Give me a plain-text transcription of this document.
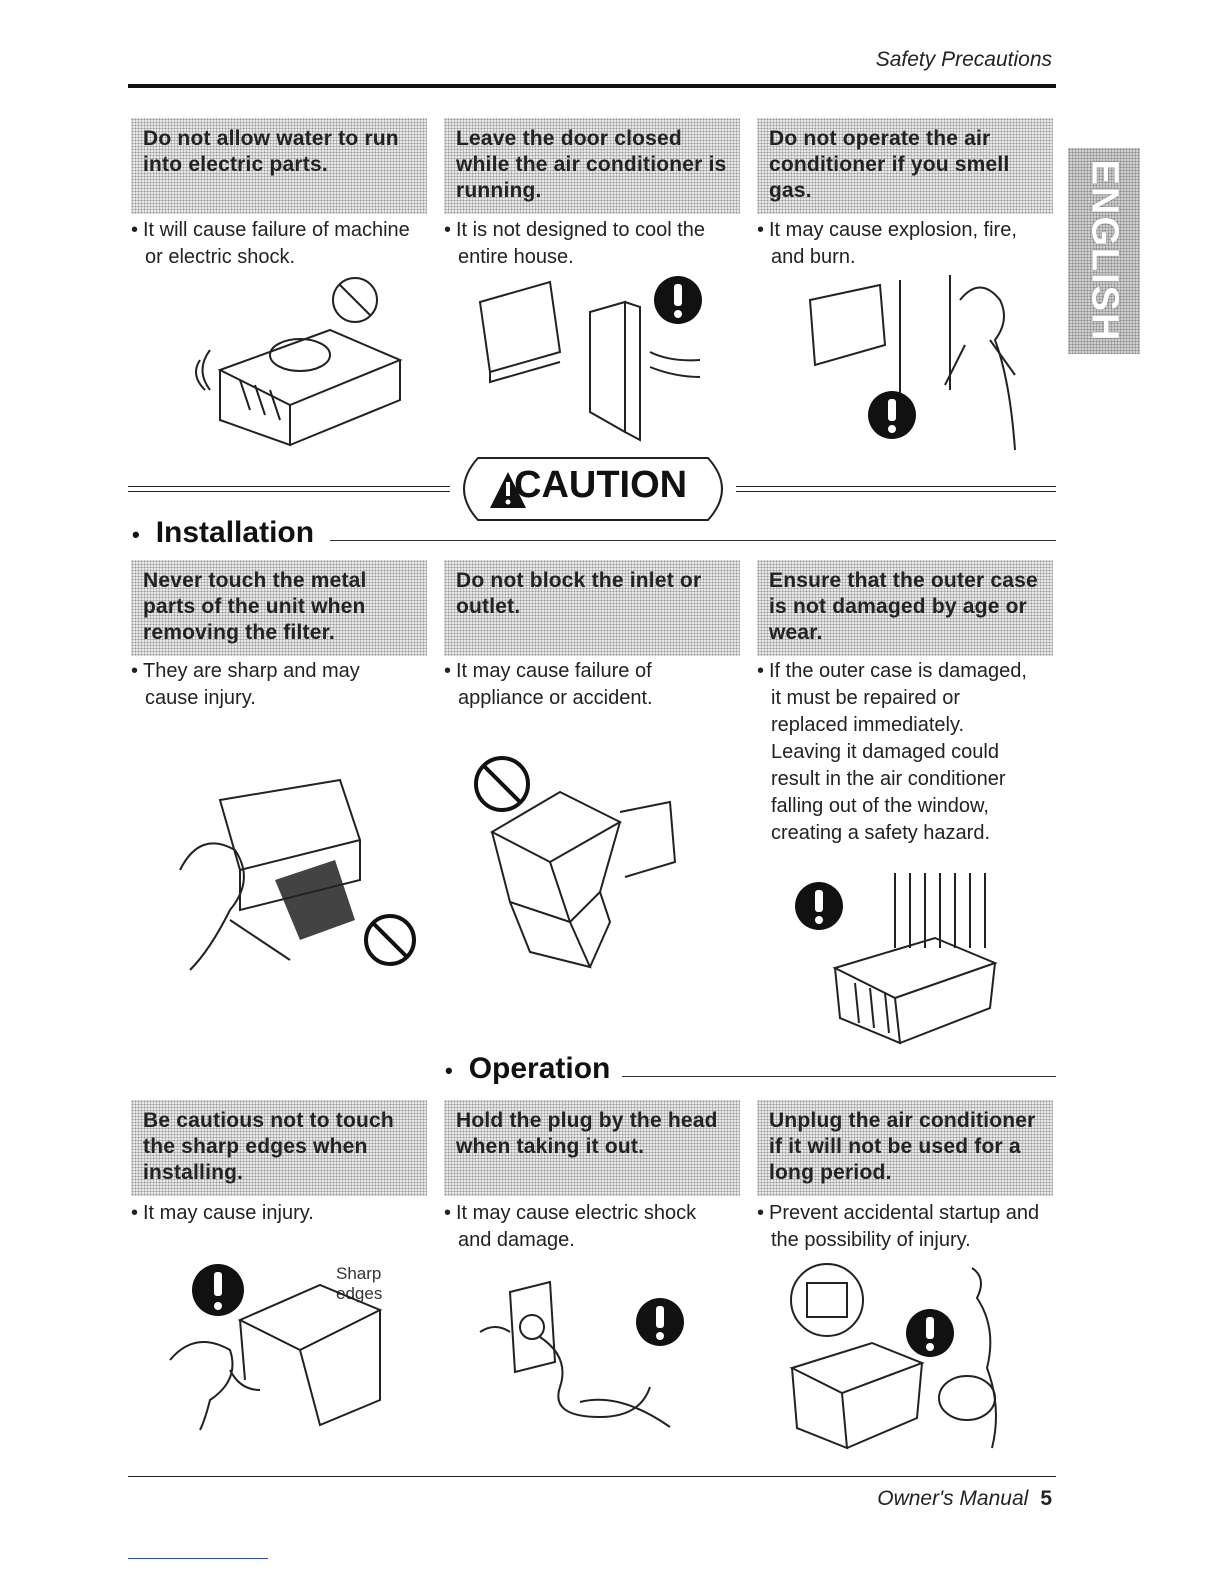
Safety Precautions
ENGLISH
Do not allow water to run into electric parts.
• It will cause failure of machine
or electric shock.
Leave the door closed while the air conditioner is running.
• It is not designed to cool the
entire house.
Do not operate the air conditioner if you smell gas.
• It may cause explosion, fire,
and burn.
CAUTION
• Installation
Never touch the metal parts of the unit when removing the filter.
• They are sharp and may
cause injury.
Do not block the inlet or outlet.
• It may cause failure of
appliance or accident.
Ensure that the outer case is not damaged by age or wear.
• If the outer case is damaged,
it must be repaired or
replaced immediately.
Leaving it damaged could
result in the air conditioner
falling out of the window,
creating a safety hazard.
• Operation
Be cautious not to touch the sharp edges when installing.
• It may cause injury.
Sharp edges
Hold the plug by the head when taking it out.
• It may cause electric shock
and damage.
Unplug the air conditioner if it will not be used for a long period.
• Prevent accidental startup and
the possibility of injury.
Owner's Manual 5
